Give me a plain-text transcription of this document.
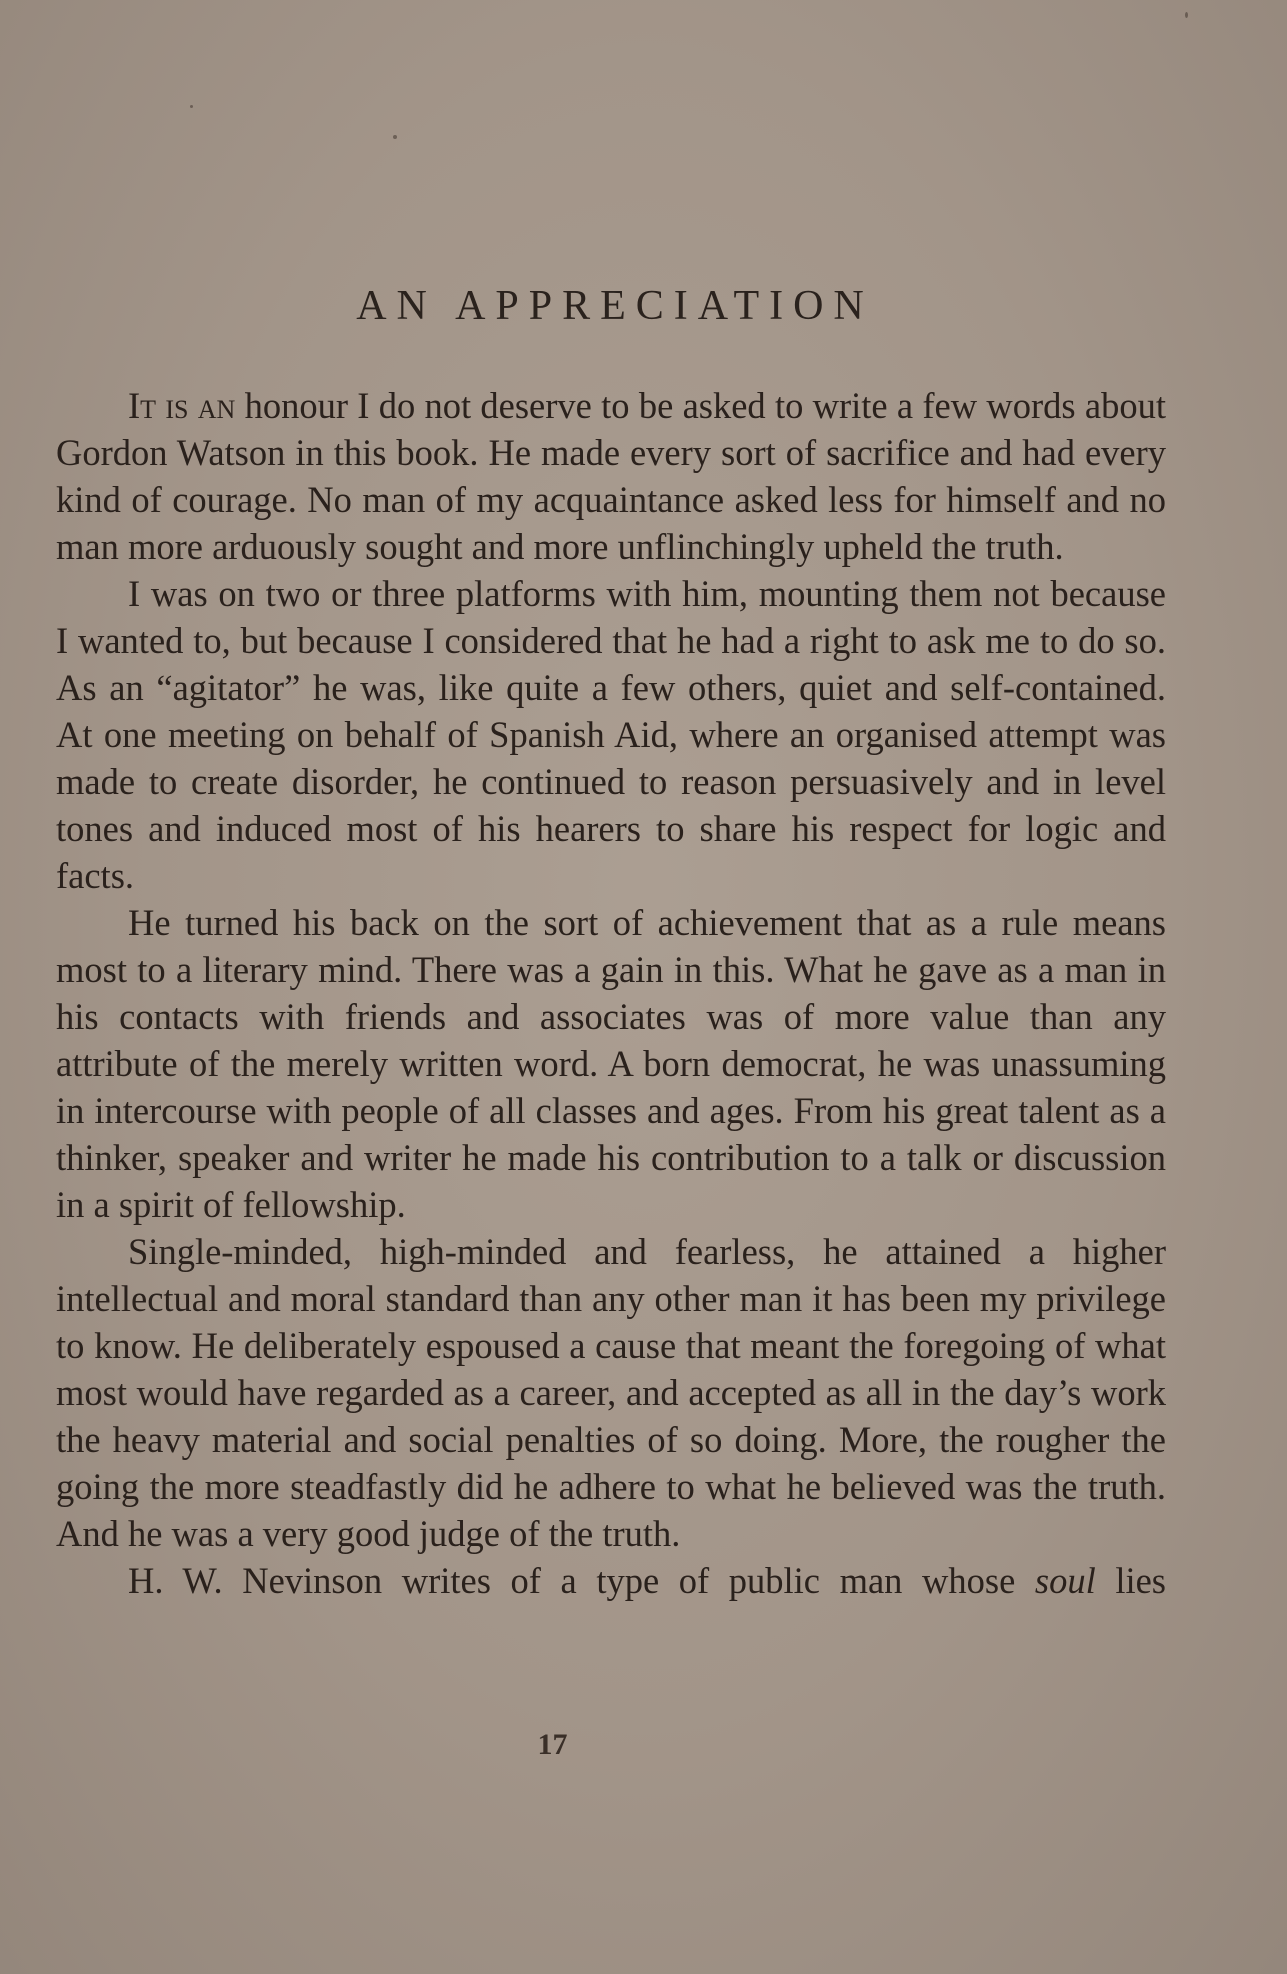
AN APPRECIATION

It is an honour I do not deserve to be asked to write a few words about Gordon Watson in this book. He made every sort of sacrifice and had every kind of courage. No man of my acquaintance asked less for himself and no man more arduously sought and more unflinchingly upheld the truth.

I was on two or three platforms with him, mounting them not because I wanted to, but because I considered that he had a right to ask me to do so. As an “agitator” he was, like quite a few others, quiet and self-contained. At one meeting on behalf of Spanish Aid, where an organised attempt was made to create disorder, he continued to reason persuasively and in level tones and induced most of his hearers to share his respect for logic and facts.

He turned his back on the sort of achievement that as a rule means most to a literary mind. There was a gain in this. What he gave as a man in his contacts with friends and associates was of more value than any attribute of the merely written word. A born democrat, he was unassuming in intercourse with people of all classes and ages. From his great talent as a thinker, speaker and writer he made his contribution to a talk or discussion in a spirit of fellowship.

Single-minded, high-minded and fearless, he attained a higher intellectual and moral standard than any other man it has been my privilege to know. He deliberately espoused a cause that meant the foregoing of what most would have regarded as a career, and accepted as all in the day’s work the heavy material and social penalties of so doing. More, the rougher the going the more steadfastly did he adhere to what he believed was the truth. And he was a very good judge of the truth.

H. W. Nevinson writes of a type of public man whose soul lies

17
